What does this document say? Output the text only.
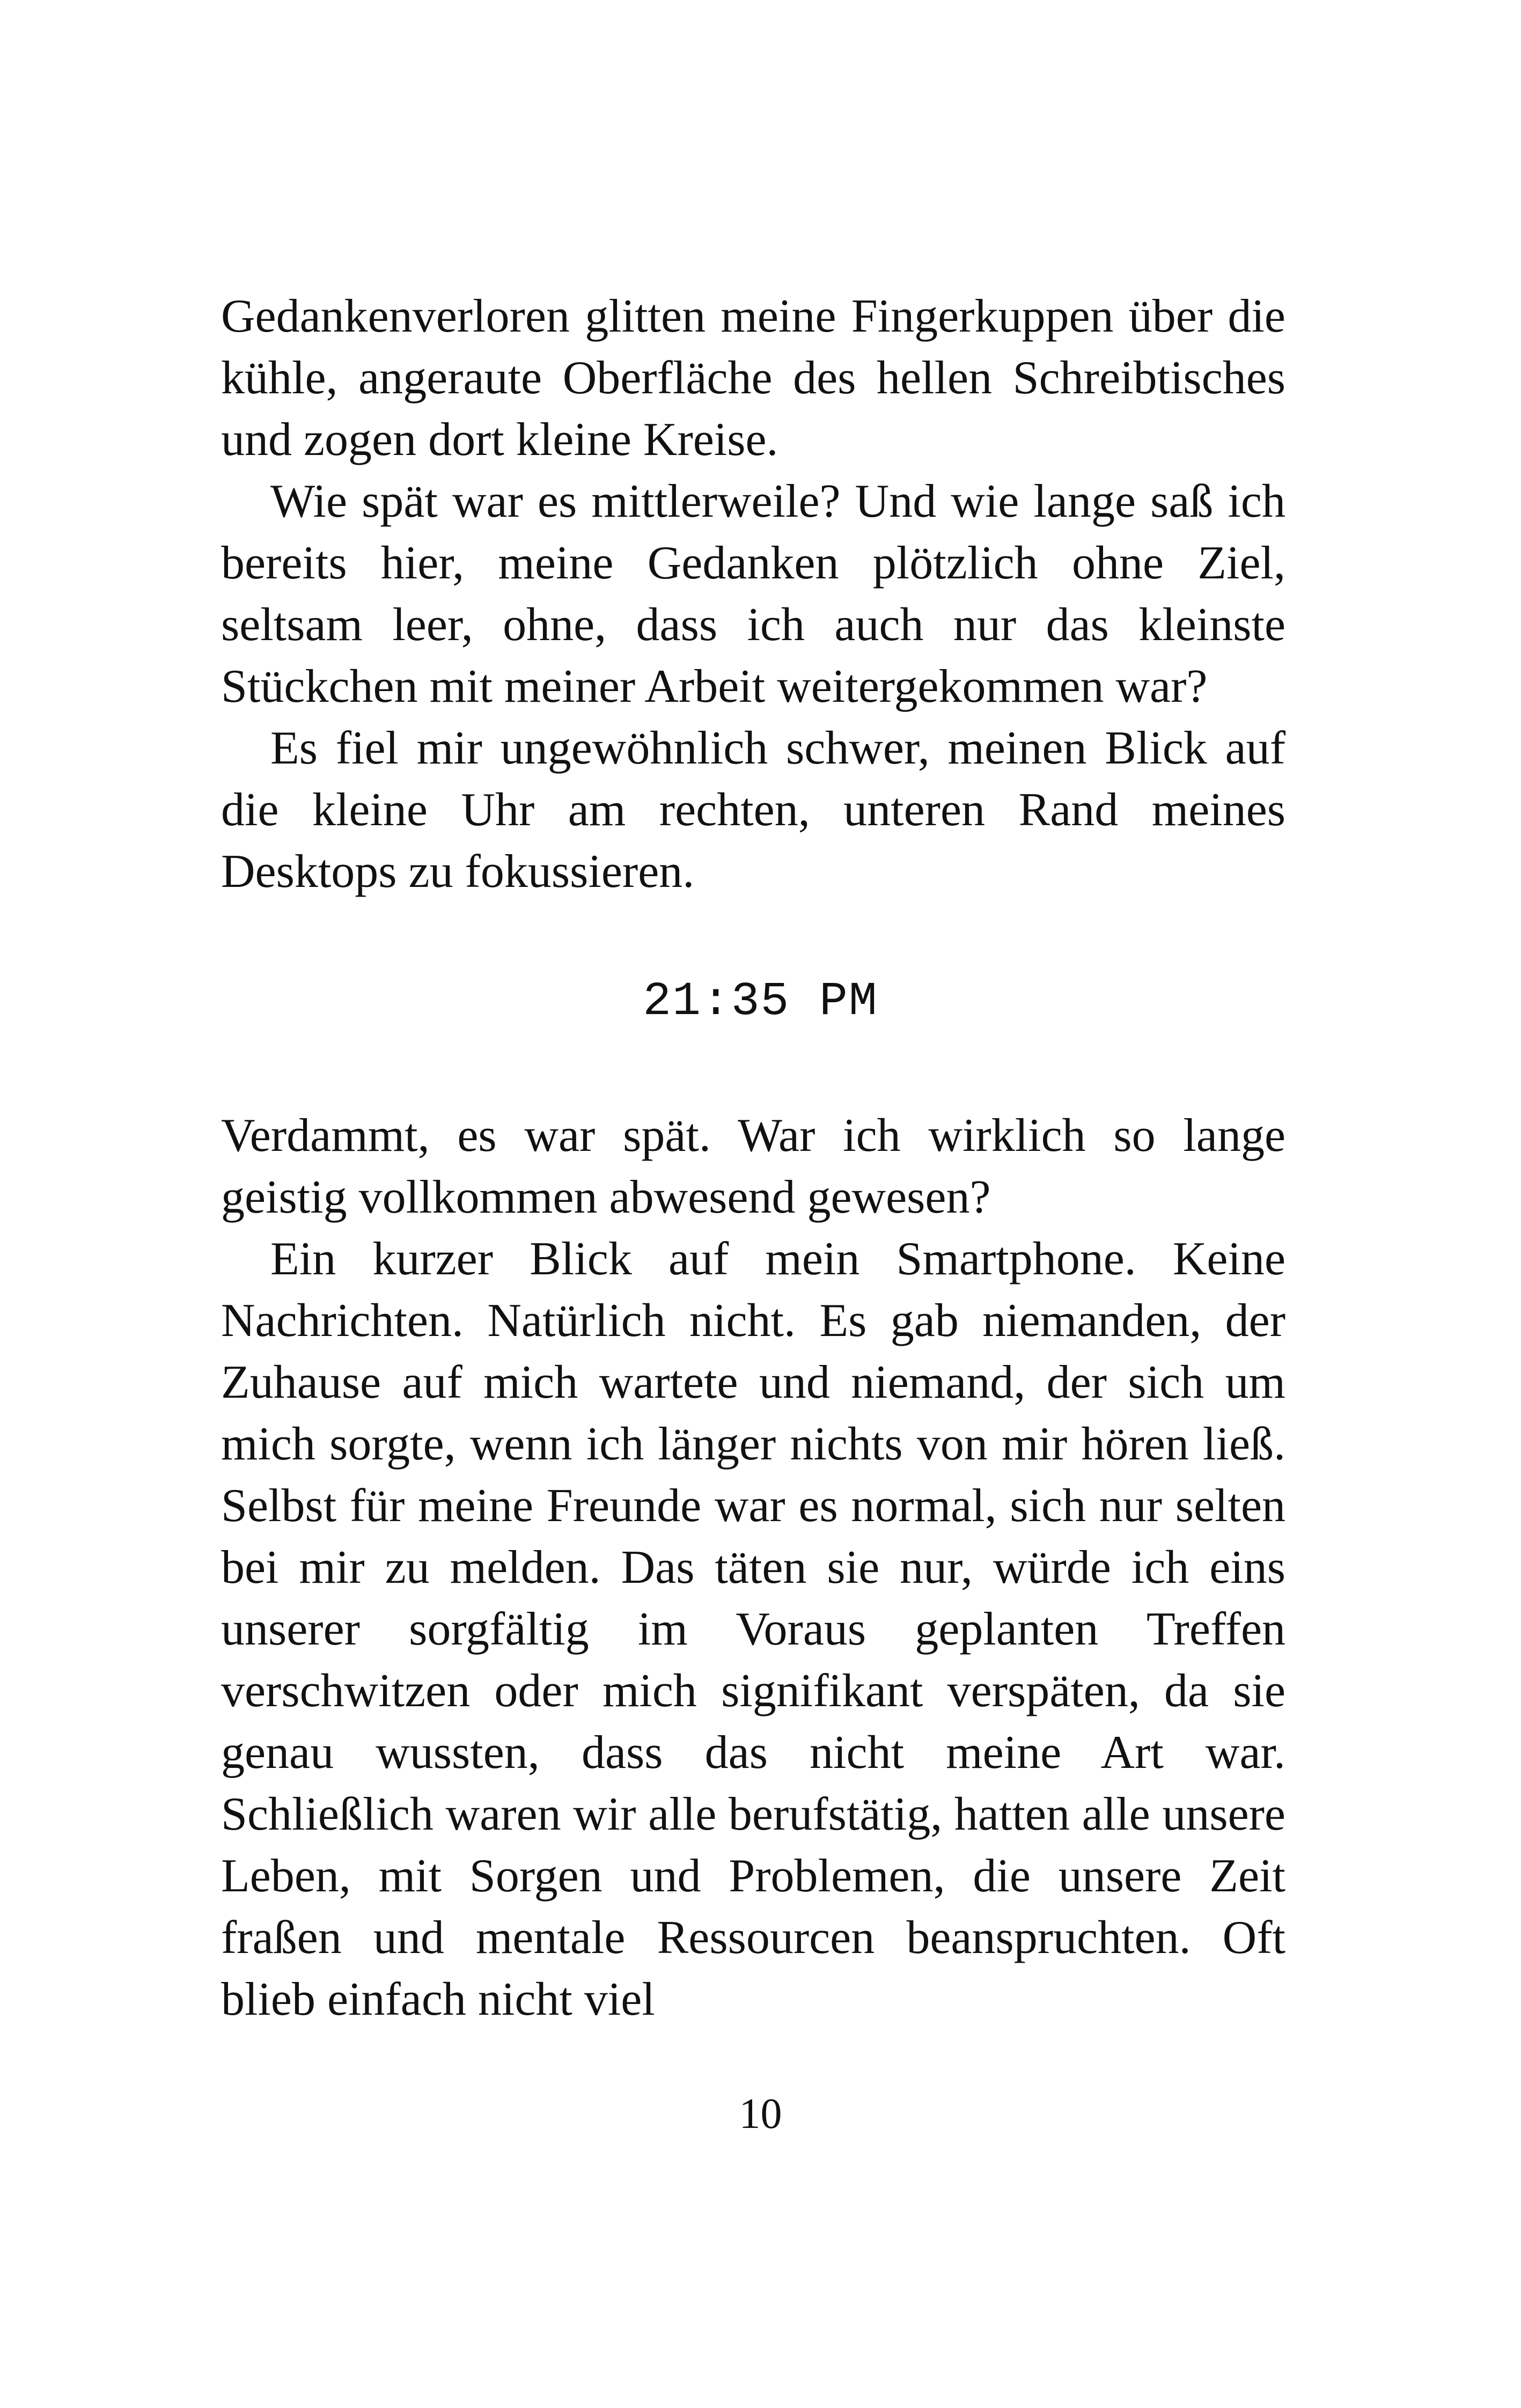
Gedankenverloren glitten meine Fingerkuppen über die kühle, angeraute Oberfläche des hellen Schreibtisches und zogen dort kleine Kreise.

Wie spät war es mittlerweile? Und wie lange saß ich bereits hier, meine Gedanken plötzlich ohne Ziel, seltsam leer, ohne, dass ich auch nur das kleinste Stückchen mit meiner Arbeit weitergekommen war?

Es fiel mir ungewöhnlich schwer, meinen Blick auf die kleine Uhr am rechten, unteren Rand meines Desktops zu fokussieren.

21:35 PM

Verdammt, es war spät. War ich wirklich so lange geistig vollkommen abwesend gewesen?

Ein kurzer Blick auf mein Smartphone. Keine Nachrichten. Natürlich nicht. Es gab niemanden, der Zuhause auf mich wartete und niemand, der sich um mich sorgte, wenn ich länger nichts von mir hören ließ. Selbst für meine Freunde war es normal, sich nur selten bei mir zu melden. Das täten sie nur, würde ich eins unserer sorgfältig im Voraus geplanten Treffen verschwitzen oder mich signifikant verspäten, da sie genau wussten, dass das nicht meine Art war. Schließlich waren wir alle berufstätig, hatten alle unsere Leben, mit Sorgen und Problemen, die unsere Zeit fraßen und mentale Ressourcen beanspruchten. Oft blieb einfach nicht viel

10
